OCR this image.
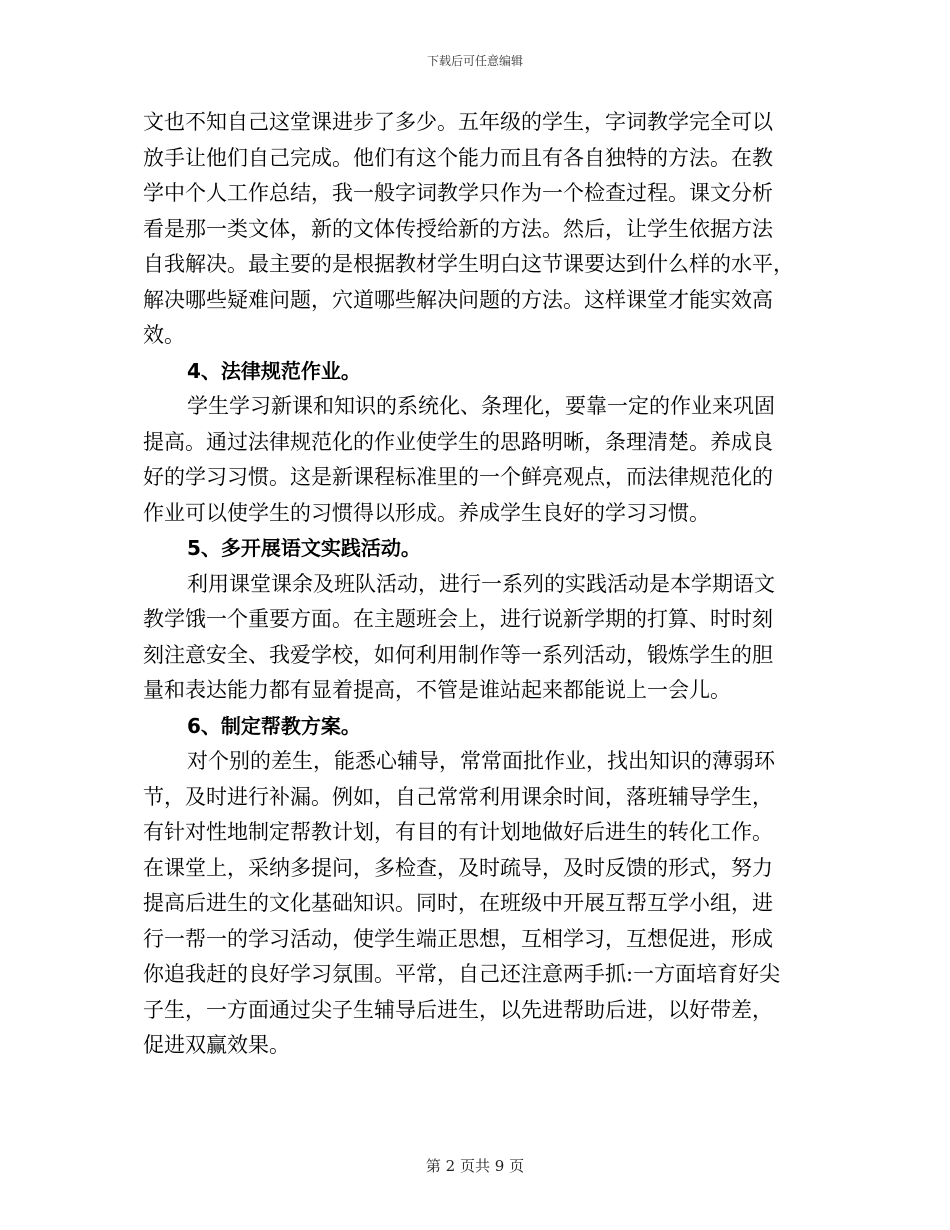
下载后可任意编辑
文也不知自己这堂课进步了多少。五年级的学生，字词教学完全可以
放手让他们自己完成。他们有这个能力而且有各自独特的方法。在教
学中个人工作总结，我一般字词教学只作为一个检查过程。课文分析
看是那一类文体，新的文体传授给新的方法。然后，让学生依据方法
自我解决。最主要的是根据教材学生明白这节课要达到什么样的水平，
解决哪些疑难问题，穴道哪些解决问题的方法。这样课堂才能实效高
效。
4、法律规范作业。
学生学习新课和知识的系统化、条理化，要靠一定的作业来巩固
提高。通过法律规范化的作业使学生的思路明晰，条理清楚。养成良
好的学习习惯。这是新课程标准里的一个鲜亮观点，而法律规范化的
作业可以使学生的习惯得以形成。养成学生良好的学习习惯。
5、多开展语文实践活动。
利用课堂课余及班队活动，进行一系列的实践活动是本学期语文
教学饿一个重要方面。在主题班会上，进行说新学期的打算、时时刻
刻注意安全、我爱学校，如何利用制作等一系列活动，锻炼学生的胆
量和表达能力都有显着提高，不管是谁站起来都能说上一会儿。
6、制定帮教方案。
对个别的差生，能悉心辅导，常常面批作业，找出知识的薄弱环
节，及时进行补漏。例如，自己常常利用课余时间，落班辅导学生，
有针对性地制定帮教计划，有目的有计划地做好后进生的转化工作。
在课堂上，采纳多提问，多检查，及时疏导，及时反馈的形式，努力
提高后进生的文化基础知识。同时，在班级中开展互帮互学小组，进
行一帮一的学习活动，使学生端正思想，互相学习，互想促进，形成
你追我赶的良好学习氛围。平常，自己还注意两手抓:一方面培育好尖
子生，一方面通过尖子生辅导后进生，以先进帮助后进，以好带差，
促进双赢效果。
第 2 页共 9 页
